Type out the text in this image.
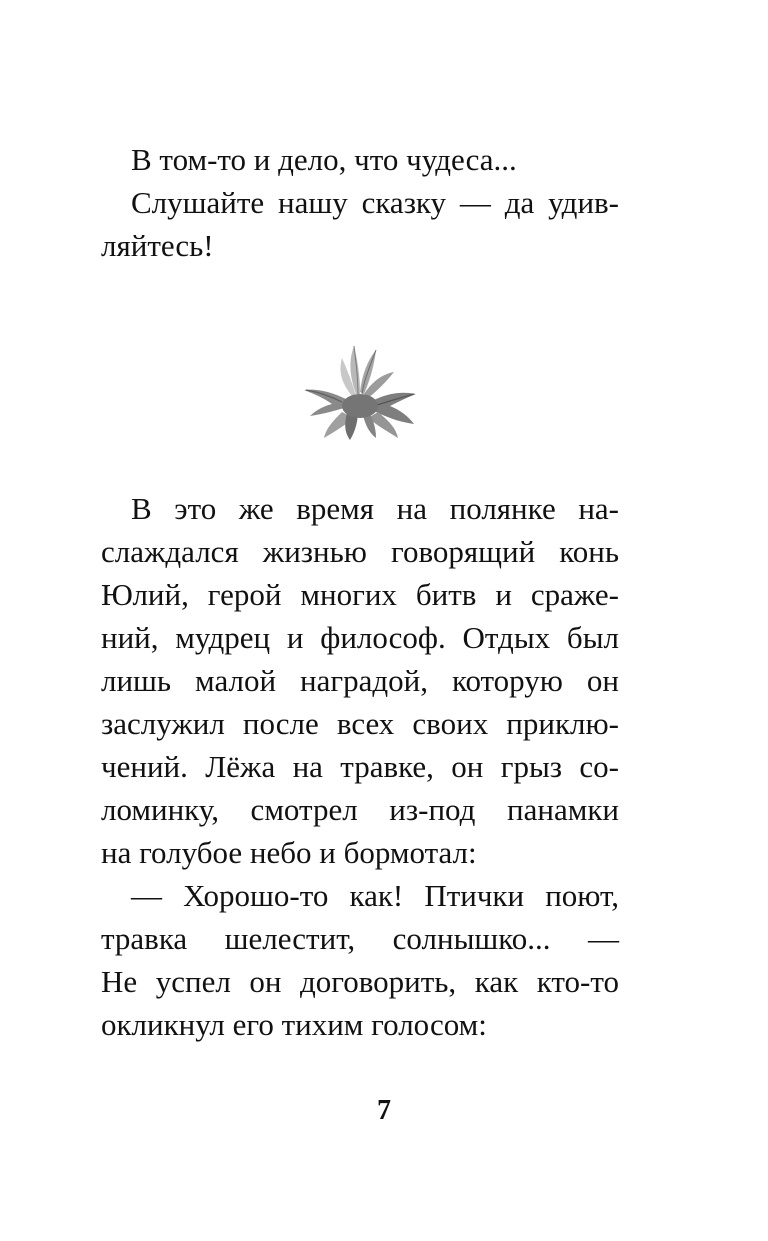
В том-то и дело, что чудеса...
Слушайте нашу сказку — да удив-
ляйтесь!
В это же время на полянке на-
слаждался жизнью говорящий конь
Юлий, герой многих битв и сраже-
ний, мудрец и философ. Отдых был
лишь малой наградой, которую он
заслужил после всех своих приклю-
чений. Лёжа на травке, он грыз со-
ломинку, смотрел из-под панамки
на голубое небо и бормотал:
— Хорошо-то как! Птички поют,
травка шелестит, солнышко... —
Не успел он договорить, как кто-то
окликнул его тихим голосом:
7
